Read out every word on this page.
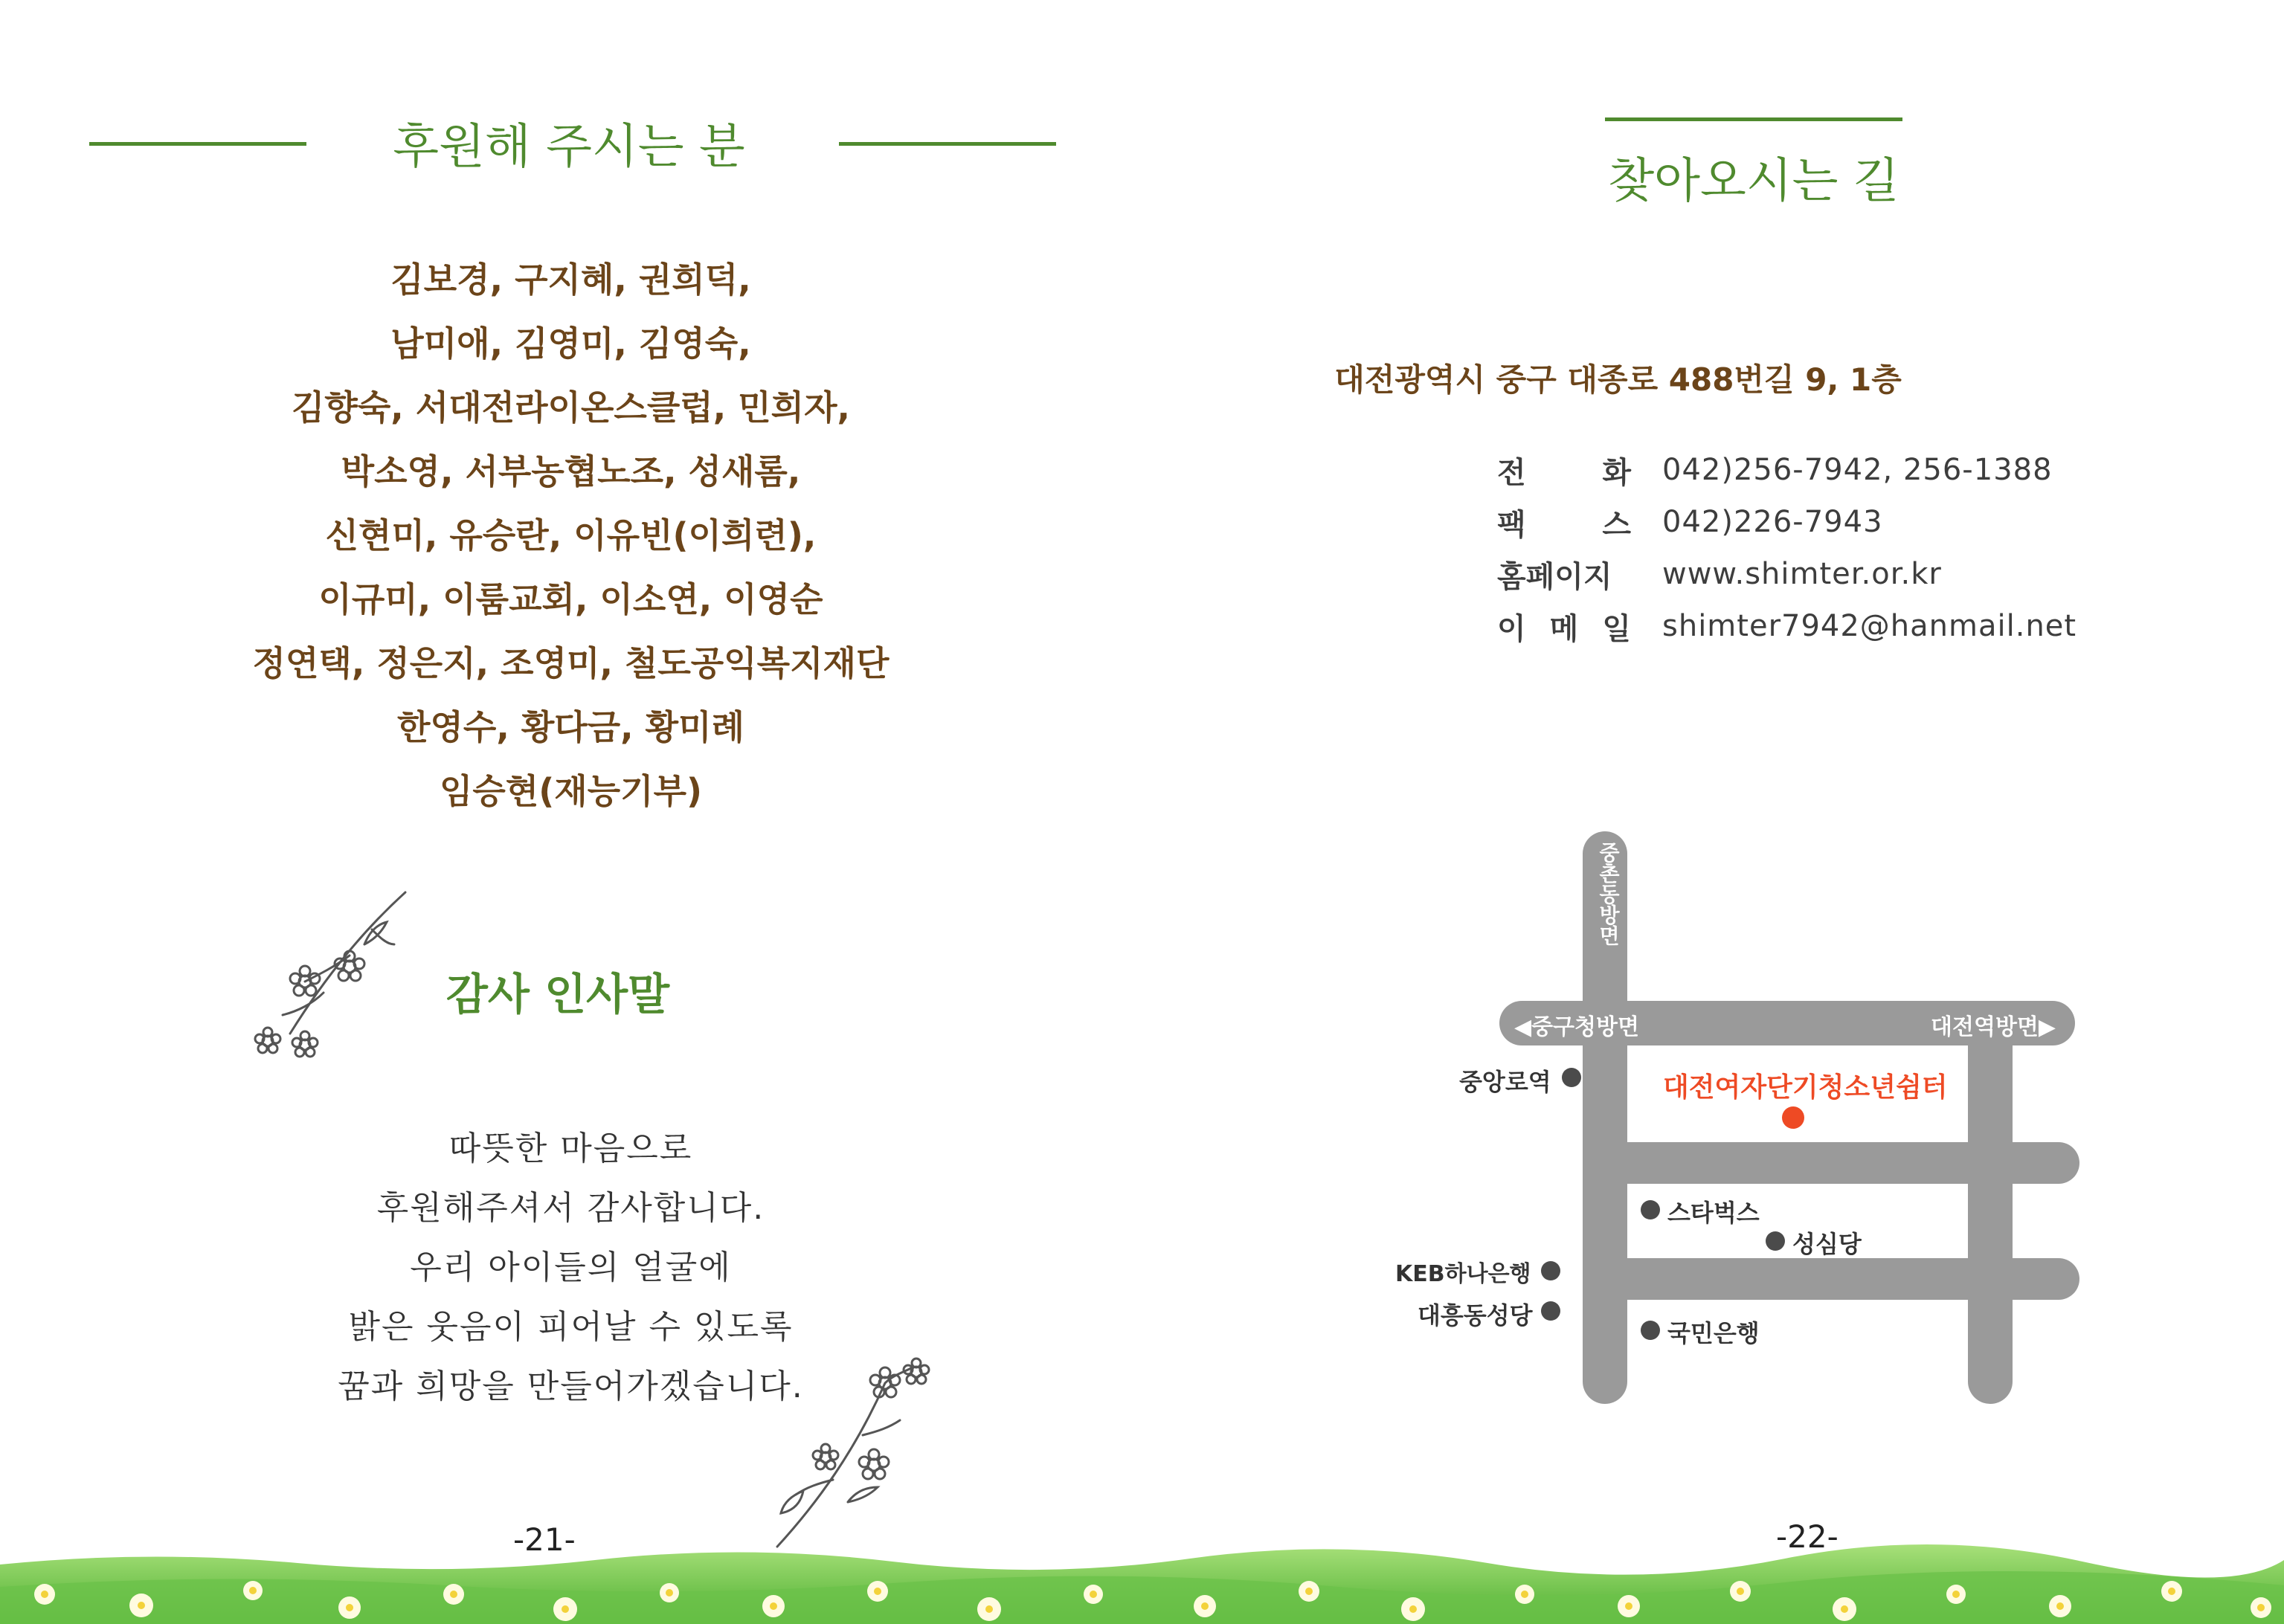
후원해 주시는 분
김보경, 구지혜, 권희덕,
남미애, 김영미, 김영숙,
김향숙, 서대전라이온스클럽, 민희자,
박소영, 서부농협노조, 성새롬,
신현미, 유승란, 이유빈(이희련),
이규미, 이룸교회, 이소연, 이영순
정연택, 정은지, 조영미, 철도공익복지재단
한영수, 황다금, 황미례
임승현(재능기부)
감사 인사말
따뜻한 마음으로
후원해주셔서 감사합니다.
우리 아이들의 얼굴에
밝은 웃음이 피어날 수 있도록
꿈과 희망을 만들어가겠습니다.
-21-
찾아오시는 길
대전광역시 중구 대종로 488번길 9, 1층
전	화 042)256-7942, 256-1388
팩	스 042)226-7943
홈페이지 www.shimter.or.kr
이 메 일 shimter7942@hanmail.net
중촌동방면
◀중구청방면	대전역방면▶
대전여자단기청소년쉼터
중앙로역
스타벅스
성심당
KEB하나은행
대흥동성당
국민은행
-22-
